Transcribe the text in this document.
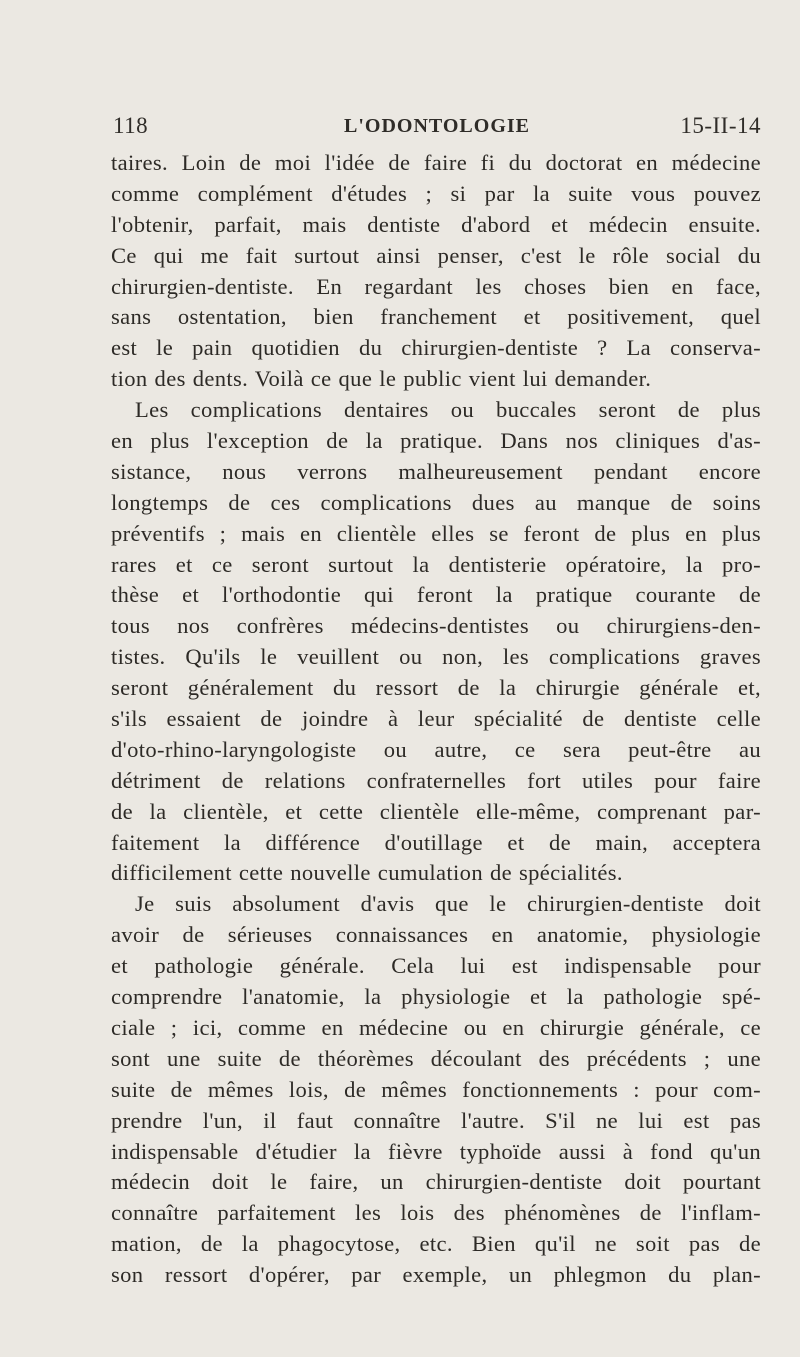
118	L'ODONTOLOGIE	15-II-14
taires. Loin de moi l'idée de faire fi du doctorat en médecine
comme complément d'études ; si par la suite vous pouvez
l'obtenir, parfait, mais dentiste d'abord et médecin ensuite.
Ce qui me fait surtout ainsi penser, c'est le rôle social du
chirurgien-dentiste. En regardant les choses bien en face,
sans ostentation, bien franchement et positivement, quel
est le pain quotidien du chirurgien-dentiste ? La conserva-
tion des dents. Voilà ce que le public vient lui demander.
Les complications dentaires ou buccales seront de plus
en plus l'exception de la pratique. Dans nos cliniques d'as-
sistance, nous verrons malheureusement pendant encore
longtemps de ces complications dues au manque de soins
préventifs ; mais en clientèle elles se feront de plus en plus
rares et ce seront surtout la dentisterie opératoire, la pro-
thèse et l'orthodontie qui feront la pratique courante de
tous nos confrères médecins-dentistes ou chirurgiens-den-
tistes. Qu'ils le veuillent ou non, les complications graves
seront généralement du ressort de la chirurgie générale et,
s'ils essaient de joindre à leur spécialité de dentiste celle
d'oto-rhino-laryngologiste ou autre, ce sera peut-être au
détriment de relations confraternelles fort utiles pour faire
de la clientèle, et cette clientèle elle-même, comprenant par-
faitement la différence d'outillage et de main, acceptera
difficilement cette nouvelle cumulation de spécialités.
Je suis absolument d'avis que le chirurgien-dentiste doit
avoir de sérieuses connaissances en anatomie, physiologie
et pathologie générale. Cela lui est indispensable pour
comprendre l'anatomie, la physiologie et la pathologie spé-
ciale ; ici, comme en médecine ou en chirurgie générale, ce
sont une suite de théorèmes découlant des précédents ; une
suite de mêmes lois, de mêmes fonctionnements : pour com-
prendre l'un, il faut connaître l'autre. S'il ne lui est pas
indispensable d'étudier la fièvre typhoïde aussi à fond qu'un
médecin doit le faire, un chirurgien-dentiste doit pourtant
connaître parfaitement les lois des phénomènes de l'inflam-
mation, de la phagocytose, etc. Bien qu'il ne soit pas de
son ressort d'opérer, par exemple, un phlegmon du plan-
